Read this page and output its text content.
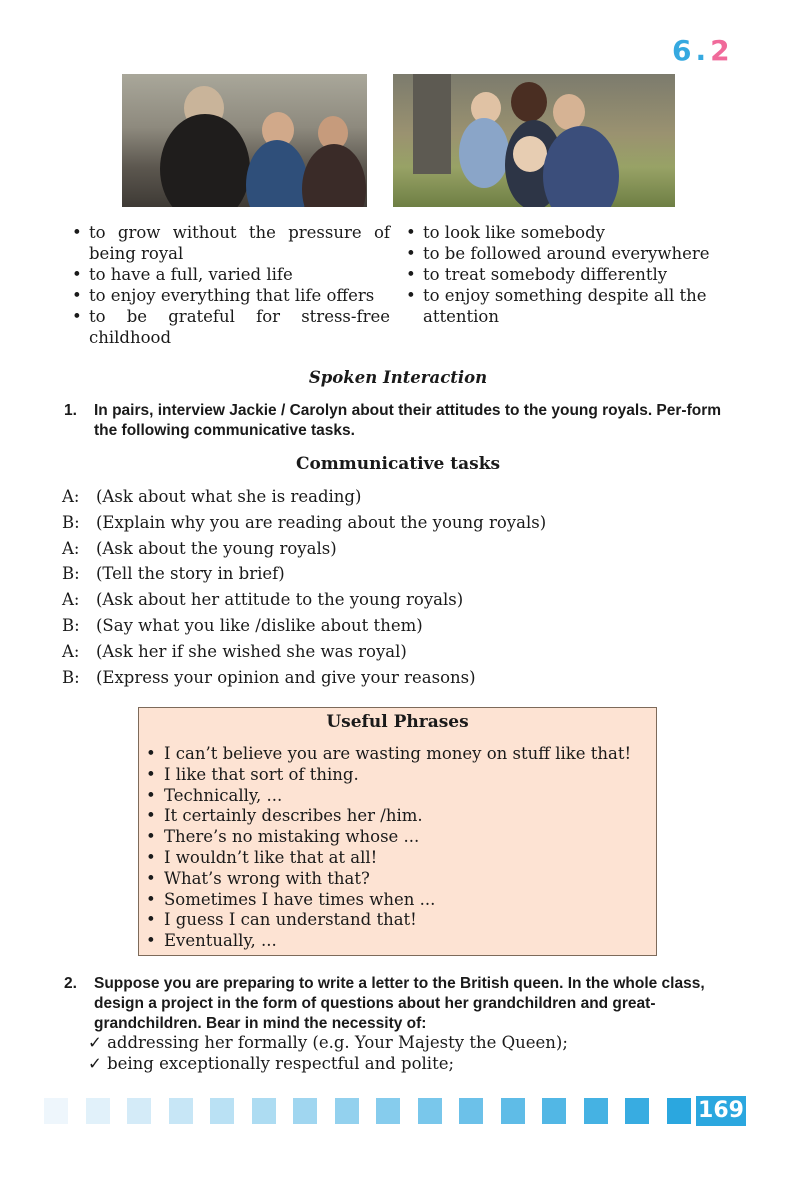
6.2
• to grow without the pressure of being royal
• to have a full, varied life
• to enjoy everything that life offers
• to be grateful for stress-free childhood
• to look like somebody
• to be followed around everywhere
• to treat somebody differently
• to enjoy something despite all the attention
Spoken Interaction
1. In pairs, interview Jackie / Carolyn about their attitudes to the young royals. Per-form the following communicative tasks.
Communicative tasks
A: (Ask about what she is reading)
B: (Explain why you are reading about the young royals)
A: (Ask about the young royals)
B: (Tell the story in brief)
A: (Ask about her attitude to the young royals)
B: (Say what you like /dislike about them)
A: (Ask her if she wished she was royal)
B: (Express your opinion and give your reasons)
Useful Phrases
• I can’t believe you are wasting money on stuff like that!
• I like that sort of thing.
• Technically, ...
• It certainly describes her /him.
• There’s no mistaking whose ...
• I wouldn’t like that at all!
• What’s wrong with that?
• Sometimes I have times when ...
• I guess I can understand that!
• Eventually, ...
2. Suppose you are preparing to write a letter to the British queen. In the whole class, design a project in the form of questions about her grandchildren and great-grandchildren. Bear in mind the necessity of:
✓ addressing her formally (e.g. Your Majesty the Queen);
✓ being exceptionally respectful and polite;
169
